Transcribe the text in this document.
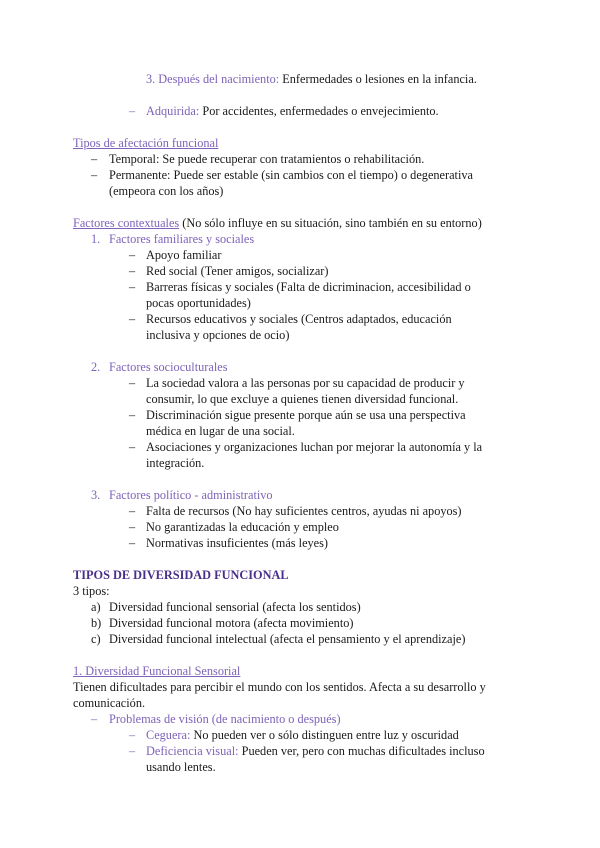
3. Después del nacimiento: Enfermedades o lesiones en la infancia.
– Adquirida: Por accidentes, enfermedades o envejecimiento.
Tipos de afectación funcional
– Temporal: Se puede recuperar con tratamientos o rehabilitación.
– Permanente: Puede ser estable (sin cambios con el tiempo) o degenerativa
(empeora con los años)
Factores contextuales (No sólo influye en su situación, sino también en su entorno)
1. Factores familiares y sociales
– Apoyo familiar
– Red social (Tener amigos, socializar)
– Barreras físicas y sociales (Falta de dicriminacion, accesibilidad o
pocas oportunidades)
– Recursos educativos y sociales (Centros adaptados, educación
inclusiva y opciones de ocio)
2. Factores socioculturales
– La sociedad valora a las personas por su capacidad de producir y
consumir, lo que excluye a quienes tienen diversidad funcional.
– Discriminación sigue presente porque aún se usa una perspectiva
médica en lugar de una social.
– Asociaciones y organizaciones luchan por mejorar la autonomía y la
integración.
3. Factores político - administrativo
– Falta de recursos (No hay suficientes centros, ayudas ni apoyos)
– No garantizadas la educación y empleo
– Normativas insuficientes (más leyes)
TIPOS DE DIVERSIDAD FUNCIONAL
3 tipos:
a) Diversidad funcional sensorial (afecta los sentidos)
b) Diversidad funcional motora (afecta movimiento)
c) Diversidad funcional intelectual (afecta el pensamiento y el aprendizaje)
1. Diversidad Funcional Sensorial
Tienen dificultades para percibir el mundo con los sentidos. Afecta a su desarrollo y
comunicación.
– Problemas de visión (de nacimiento o después)
– Ceguera: No pueden ver o sólo distinguen entre luz y oscuridad
– Deficiencia visual: Pueden ver, pero con muchas dificultades incluso
usando lentes.
